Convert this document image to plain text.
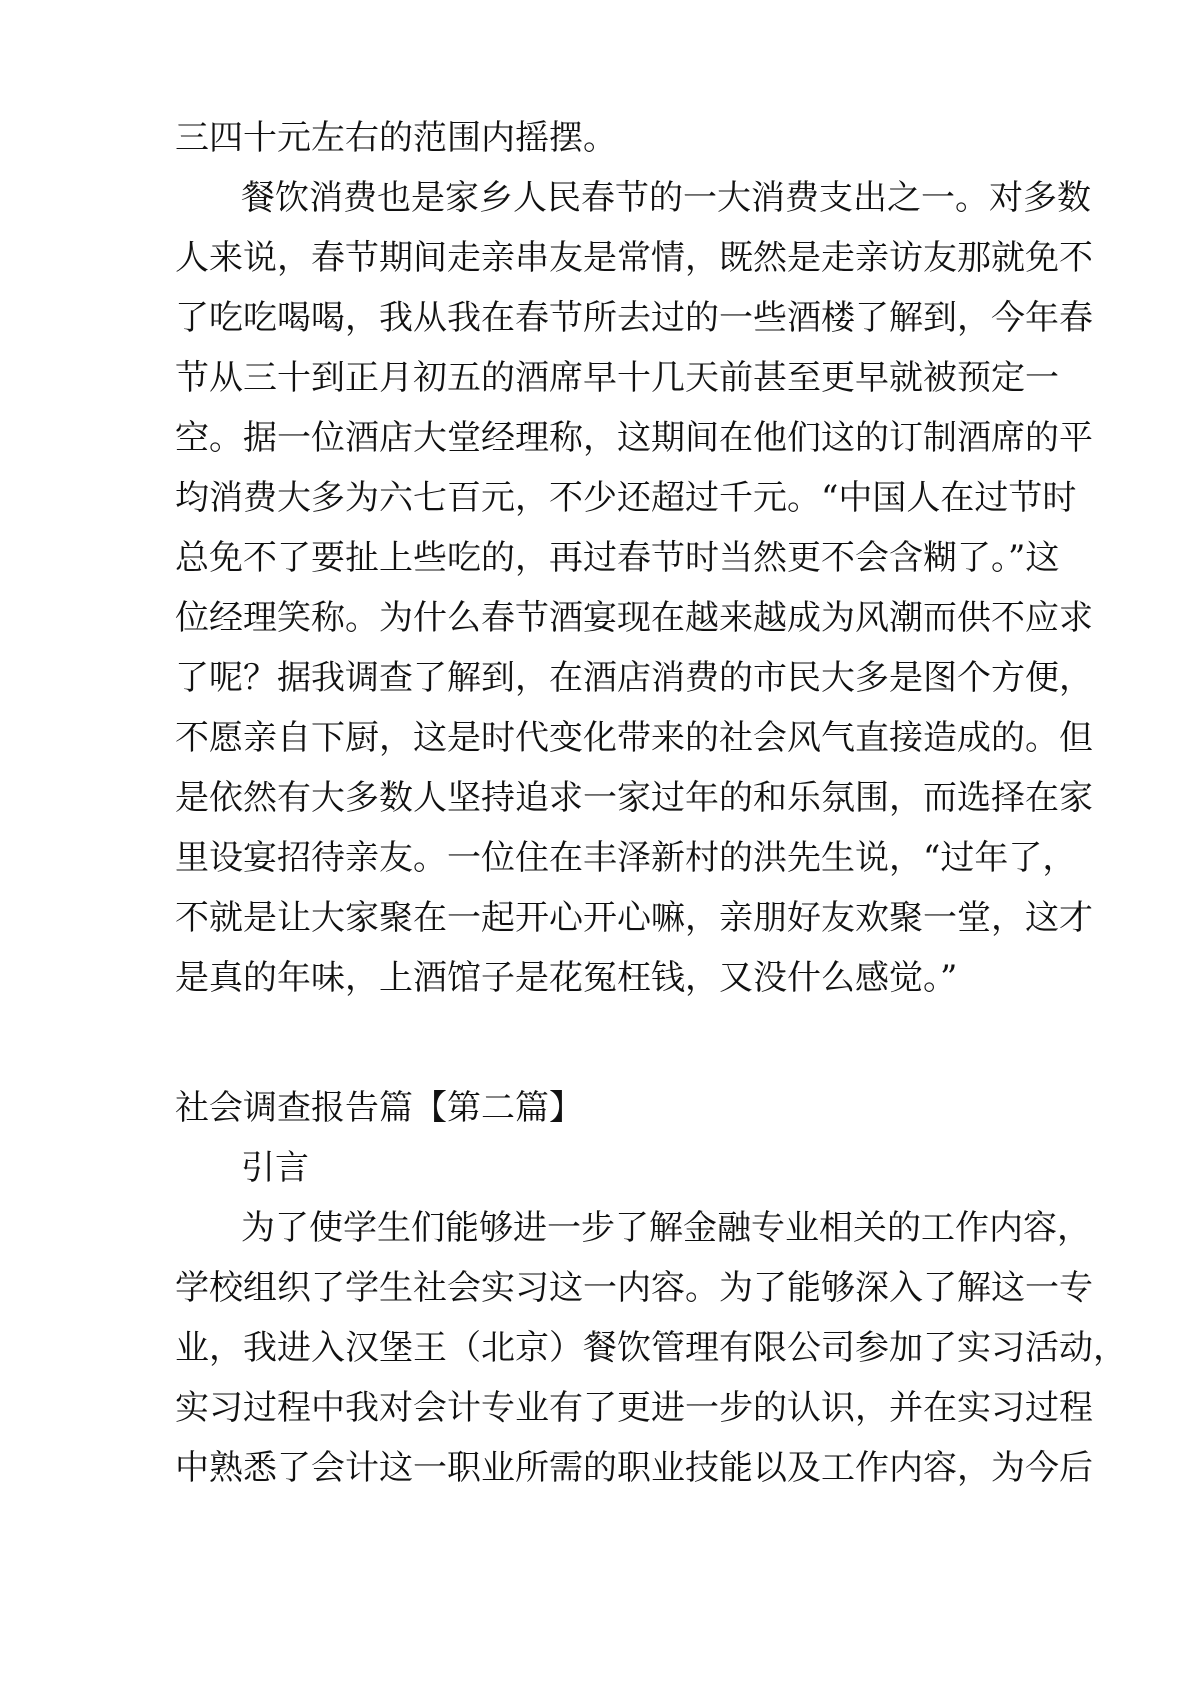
三四十元左右的范围内摇摆。
餐饮消费也是家乡人民春节的一大消费支出之一。对多数
人来说，春节期间走亲串友是常情，既然是走亲访友那就免不
了吃吃喝喝，我从我在春节所去过的一些酒楼了解到，今年春
节从三十到正月初五的酒席早十几天前甚至更早就被预定一
空。据一位酒店大堂经理称，这期间在他们这的订制酒席的平
均消费大多为六七百元，不少还超过千元。“中国人在过节时
总免不了要扯上些吃的，再过春节时当然更不会含糊了。”这
位经理笑称。为什么春节酒宴现在越来越成为风潮而供不应求
了呢？据我调查了解到，在酒店消费的市民大多是图个方便，
不愿亲自下厨，这是时代变化带来的社会风气直接造成的。但
是依然有大多数人坚持追求一家过年的和乐氛围，而选择在家
里设宴招待亲友。一位住在丰泽新村的洪先生说，“过年了，
不就是让大家聚在一起开心开心嘛，亲朋好友欢聚一堂，这才
是真的年味，上酒馆子是花冤枉钱，又没什么感觉。”
社会调查报告篇【第二篇】
引言
为了使学生们能够进一步了解金融专业相关的工作内容，
学校组织了学生社会实习这一内容。为了能够深入了解这一专
业，我进入汉堡王（北京）餐饮管理有限公司参加了实习活动，
实习过程中我对会计专业有了更进一步的认识，并在实习过程
中熟悉了会计这一职业所需的职业技能以及工作内容，为今后
